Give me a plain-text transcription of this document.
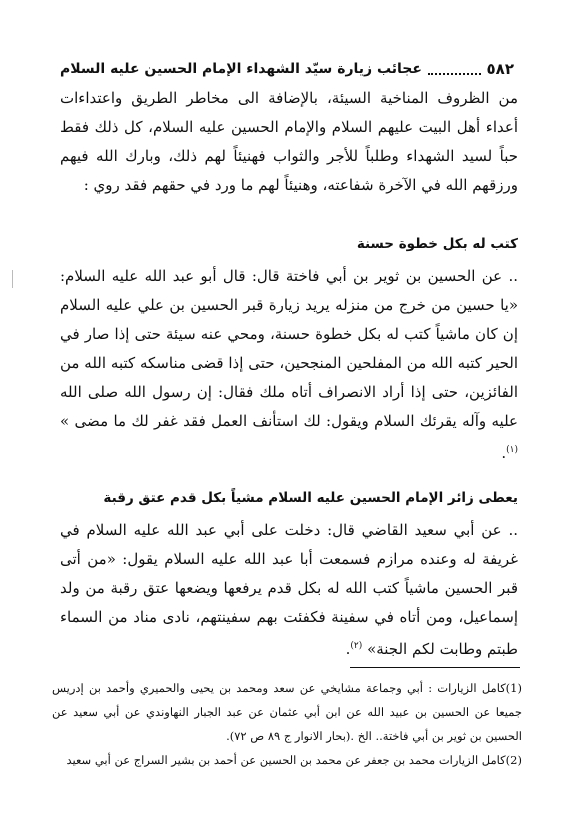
٥٨٢
عجائب زيارة سيّد الشهداء الإمام الحسين عليه السلام

من الظروف المناخية السيئة، بالإضافة الى مخاطر الطريق واعتداءات أعداء أهل البيت عليهم السلام والإمام الحسين عليه السلام، كل ذلك فقط حباً لسيد الشهداء وطلباً للأجر والثواب فهنيئاً لهم ذلك، وبارك الله فيهم ورزقهم الله في الآخرة شفاعته، وهنيئاً لهم ما ورد في حقهم فقد روي :

كتب له بكل خطوة حسنة

.. عن الحسين بن ثوير بن أبي فاختة قال: قال أبو عبد الله عليه السلام: «يا حسين من خرج من منزله يريد زيارة قبر الحسين بن علي عليه السلام إن كان ماشياً كتب له بكل خطوة حسنة، ومحي عنه سيئة حتى إذا صار في الحير كتبه الله من المفلحين المنجحين، حتى إذا قضى مناسكه كتبه الله من الفائزين، حتى إذا أراد الانصراف أتاه ملك فقال: إن رسول الله صلى الله عليه وآله يقرئك السلام ويقول: لك استأنف العمل فقد غفر لك ما مضى » $^{(١)}$.

يعطى زائر الإمام الحسين عليه السلام مشياً بكل قدم عتق رقبة

.. عن أبي سعيد القاضي قال: دخلت على أبي عبد الله عليه السلام في غريفة له وعنده مرازم فسمعت أبا عبد الله عليه السلام يقول: «من أتى قبر الحسين ماشياً كتب الله له بكل قدم يرفعها ويضعها عتق رقبة من ولد إسماعيل، ومن أتاه في سفينة فكفئت بهم سفينتهم، نادى مناد من السماء طبتم وطابت لكم الجنة» $^{(٢)}$.

(1)كامل الزيارات : أبي وجماعة مشايخي عن سعد ومحمد بن يحيى والحميري وأحمد بن إدريس جميعا عن الحسين بن عبيد الله عن ابن أبي عثمان عن عبد الجبار النهاوندي عن أبي سعيد عن الحسين بن ثوير بن أبي فاختة.. الخ .(بحار الانوار ج ٨٩ ص ٧٢).

(2)كامل الزيارات محمد بن جعفر عن محمد بن الحسين عن أحمد بن بشير السراج عن أبي سعيد
